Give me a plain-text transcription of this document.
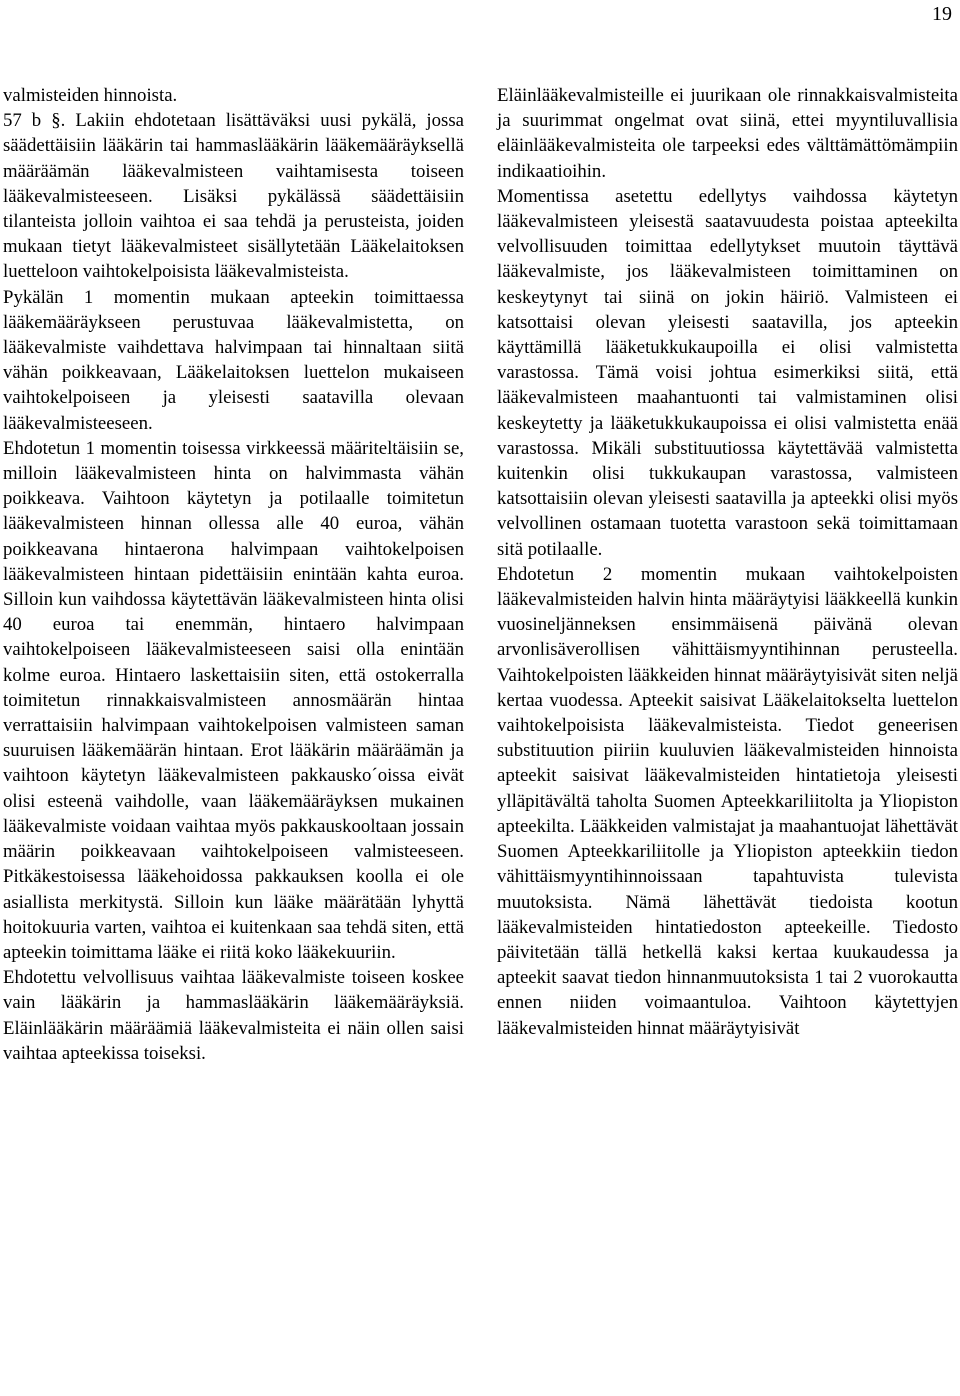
19

valmisteiden hinnoista.

57 b §. Lakiin ehdotetaan lisättäväksi uusi pykälä, jossa säädettäisiin lääkärin tai hammaslääkärin lääkemääräyksellä määräämän lääkevalmisteen vaihtamisesta toiseen lääkevalmisteeseen. Lisäksi pykälässä säädettäisiin tilanteista jolloin vaihtoa ei saa tehdä ja perusteista, joiden mukaan tietyt lääkevalmisteet sisällytetään Lääkelaitoksen luetteloon vaihtokelpoisista lääkevalmisteista.

Pykälän 1 momentin mukaan apteekin toimittaessa lääkemääräykseen perustuvaa lääkevalmistetta, on lääkevalmiste vaihdettava halvimpaan tai hinnaltaan siitä vähän poikkeavaan, Lääkelaitoksen luettelon mukaiseen vaihtokelpoiseen ja yleisesti saatavilla olevaan lääkevalmisteeseen.

Ehdotetun 1 momentin toisessa virkkeessä määriteltäisiin se, milloin lääkevalmisteen hinta on halvimmasta vähän poikkeava. Vaihtoon käytetyn ja potilaalle toimitetun lääkevalmisteen hinnan ollessa alle 40 euroa, vähän poikkeavana hintaerona halvimpaan vaihtokelpoisen lääkevalmisteen hintaan pidettäisiin enintään kahta euroa. Silloin kun vaihdossa käytettävän lääkevalmisteen hinta olisi 40 euroa tai enemmän, hintaero halvimpaan vaihtokelpoiseen lääkevalmisteeseen saisi olla enintään kolme euroa. Hintaero laskettaisiin siten, että ostokerralla toimitetun rinnakkaisvalmisteen annosmäärän hintaa verrattaisiin halvimpaan vaihtokelpoisen valmisteen saman suuruisen lääkemäärän hintaan. Erot lääkärin määräämän ja vaihtoon käytetyn lääkevalmisteen pakkausko´oissa eivät olisi esteenä vaihdolle, vaan lääkemääräyksen mukainen lääkevalmiste voidaan vaihtaa myös pakkauskooltaan jossain määrin poikkeavaan vaihtokelpoiseen valmisteeseen. Pitkäkestoisessa lääkehoidossa pakkauksen koolla ei ole asiallista merkitystä. Silloin kun lääke määrätään lyhyttä hoitokuuria varten, vaihtoa ei kuitenkaan saa tehdä siten, että apteekin toimittama lääke ei riitä koko lääkekuuriin.

Ehdotettu velvollisuus vaihtaa lääkevalmiste toiseen koskee vain lääkärin ja hammaslääkärin lääkemääräyksiä. Eläinlääkärin määräämiä lääkevalmisteita ei näin ollen saisi vaihtaa apteekissa toiseksi.

Eläinlääkevalmisteille ei juurikaan ole rinnakkaisvalmisteita ja suurimmat ongelmat ovat siinä, ettei myyntiluvallisia eläinlääkevalmisteita ole tarpeeksi edes välttämättömämpiin indikaatioihin.

Momentissa asetettu edellytys vaihdossa käytetyn lääkevalmisteen yleisestä saatavuudesta poistaa apteekilta velvollisuuden toimittaa edellytykset muutoin täyttävä lääkevalmiste, jos lääkevalmisteen toimittaminen on keskeytynyt tai siinä on jokin häiriö. Valmisteen ei katsottaisi olevan yleisesti saatavilla, jos apteekin käyttämillä lääketukkukaupoilla ei olisi valmistetta varastossa. Tämä voisi johtua esimerkiksi siitä, että lääkevalmisteen maahantuonti tai valmistaminen olisi keskeytetty ja lääketukkukaupoissa ei olisi valmistetta enää varastossa. Mikäli substituutiossa käytettävää valmistetta kuitenkin olisi tukkukaupan varastossa, valmisteen katsottaisiin olevan yleisesti saatavilla ja apteekki olisi myös velvollinen ostamaan tuotetta varastoon sekä toimittamaan sitä potilaalle.

Ehdotetun 2 momentin mukaan vaihtokelpoisten lääkevalmisteiden halvin hinta määräytyisi lääkkeellä kunkin vuosineljänneksen ensimmäisenä päivänä olevan arvonlisäverollisen vähittäismyyntihinnan perusteella. Vaihtokelpoisten lääkkeiden hinnat määräytyisivät siten neljä kertaa vuodessa. Apteekit saisivat Lääkelaitokselta luettelon vaihtokelpoisista lääkevalmisteista. Tiedot geneerisen substituution piiriin kuuluvien lääkevalmisteiden hinnoista apteekit saisivat lääkevalmisteiden hintatietoja yleisesti ylläpitävältä taholta Suomen Apteekkariliitolta ja Yliopiston apteekilta. Lääkkeiden valmistajat ja maahantuojat lähettävät Suomen Apteekkariliitolle ja Yliopiston apteekkiin tiedon vähittäismyyntihinnoissaan tapahtuvista tulevista muutoksista. Nämä lähettävät tiedoista kootun lääkevalmisteiden hintatiedoston apteekeille. Tiedosto päivitetään tällä hetkellä kaksi kertaa kuukaudessa ja apteekit saavat tiedon hinnanmuutoksista 1 tai 2 vuorokautta ennen niiden voimaantuloa. Vaihtoon käytettyjen lääkevalmisteiden hinnat määräytyisivät
